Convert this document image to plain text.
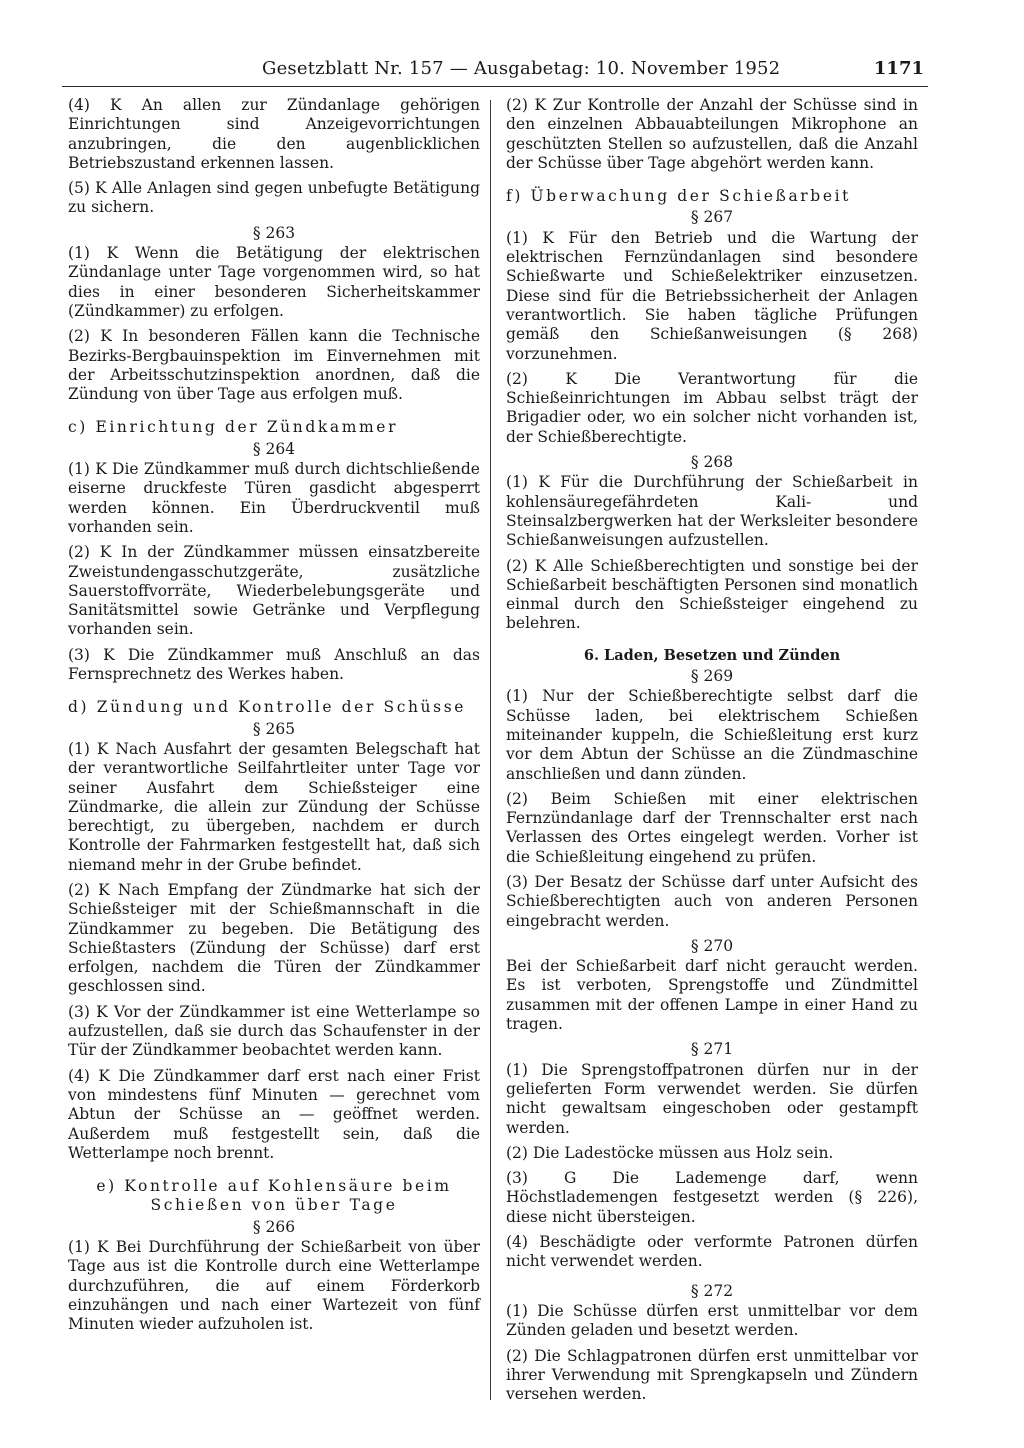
Gesetzblatt Nr. 157 — Ausgabetag: 10. November 1952	1171

(4) K An allen zur Zündanlage gehörigen Einrichtungen sind Anzeigevorrichtungen anzubringen, die den augenblicklichen Betriebszustand erkennen lassen.

(5) K Alle Anlagen sind gegen unbefugte Betätigung zu sichern.

§ 263

(1) K Wenn die Betätigung der elektrischen Zündanlage unter Tage vorgenommen wird, so hat dies in einer besonderen Sicherheitskammer (Zündkammer) zu erfolgen.

(2) K In besonderen Fällen kann die Technische Bezirks-Bergbauinspektion im Einvernehmen mit der Arbeitsschutzinspektion anordnen, daß die Zündung von über Tage aus erfolgen muß.

c) Einrichtung der Zündkammer

§ 264

(1) K Die Zündkammer muß durch dichtschließende eiserne druckfeste Türen gasdicht abgesperrt werden können. Ein Überdruckventil muß vorhanden sein.

(2) K In der Zündkammer müssen einsatzbereite Zweistundengasschutzgeräte, zusätzliche Sauerstoffvorräte, Wiederbelebungsgeräte und Sanitätsmittel sowie Getränke und Verpflegung vorhanden sein.

(3) K Die Zündkammer muß Anschluß an das Fernsprechnetz des Werkes haben.

d) Zündung und Kontrolle der Schüsse

§ 265

(1) K Nach Ausfahrt der gesamten Belegschaft hat der verantwortliche Seilfahrtleiter unter Tage vor seiner Ausfahrt dem Schießsteiger eine Zündmarke, die allein zur Zündung der Schüsse berechtigt, zu übergeben, nachdem er durch Kontrolle der Fahrmarken festgestellt hat, daß sich niemand mehr in der Grube befindet.

(2) K Nach Empfang der Zündmarke hat sich der Schießsteiger mit der Schießmannschaft in die Zündkammer zu begeben. Die Betätigung des Schießtasters (Zündung der Schüsse) darf erst erfolgen, nachdem die Türen der Zündkammer geschlossen sind.

(3) K Vor der Zündkammer ist eine Wetterlampe so aufzustellen, daß sie durch das Schaufenster in der Tür der Zündkammer beobachtet werden kann.

(4) K Die Zündkammer darf erst nach einer Frist von mindestens fünf Minuten — gerechnet vom Abtun der Schüsse an — geöffnet werden. Außerdem muß festgestellt sein, daß die Wetterlampe noch brennt.

e) Kontrolle auf Kohlensäure beim

Schießen von über Tage

§ 266

(1) K Bei Durchführung der Schießarbeit von über Tage aus ist die Kontrolle durch eine Wetterlampe durchzuführen, die auf einem Förderkorb einzuhängen und nach einer Wartezeit von fünf Minuten wieder aufzuholen ist.

(2) K Zur Kontrolle der Anzahl der Schüsse sind in den einzelnen Abbauabteilungen Mikrophone an geschützten Stellen so aufzustellen, daß die Anzahl der Schüsse über Tage abgehört werden kann.

f) Überwachung der Schießarbeit

§ 267

(1) K Für den Betrieb und die Wartung der elektrischen Fernzündanlagen sind besondere Schießwarte und Schießelektriker einzusetzen. Diese sind für die Betriebssicherheit der Anlagen verantwortlich. Sie haben tägliche Prüfungen gemäß den Schießanweisungen (§ 268) vorzunehmen.

(2) K Die Verantwortung für die Schießeinrichtungen im Abbau selbst trägt der Brigadier oder, wo ein solcher nicht vorhanden ist, der Schießberechtigte.

§ 268

(1) K Für die Durchführung der Schießarbeit in kohlensäuregefährdeten Kali- und Steinsalzbergwerken hat der Werksleiter besondere Schießanweisungen aufzustellen.

(2) K Alle Schießberechtigten und sonstige bei der Schießarbeit beschäftigten Personen sind monatlich einmal durch den Schießsteiger eingehend zu belehren.

6. Laden, Besetzen und Zünden

§ 269

(1) Nur der Schießberechtigte selbst darf die Schüsse laden, bei elektrischem Schießen miteinander kuppeln, die Schießleitung erst kurz vor dem Abtun der Schüsse an die Zündmaschine anschließen und dann zünden.

(2) Beim Schießen mit einer elektrischen Fernzündanlage darf der Trennschalter erst nach Verlassen des Ortes eingelegt werden. Vorher ist die Schießleitung eingehend zu prüfen.

(3) Der Besatz der Schüsse darf unter Aufsicht des Schießberechtigten auch von anderen Personen eingebracht werden.

§ 270

Bei der Schießarbeit darf nicht geraucht werden. Es ist verboten, Sprengstoffe und Zündmittel zusammen mit der offenen Lampe in einer Hand zu tragen.

§ 271

(1) Die Sprengstoffpatronen dürfen nur in der gelieferten Form verwendet werden. Sie dürfen nicht gewaltsam eingeschoben oder gestampft werden.

(2) Die Ladestöcke müssen aus Holz sein.

(3) G Die Lademenge darf, wenn Höchstlademengen festgesetzt werden (§ 226), diese nicht übersteigen.

(4) Beschädigte oder verformte Patronen dürfen nicht verwendet werden.

§ 272

(1) Die Schüsse dürfen erst unmittelbar vor dem Zünden geladen und besetzt werden.

(2) Die Schlagpatronen dürfen erst unmittelbar vor ihrer Verwendung mit Sprengkapseln und Zündern versehen werden.
